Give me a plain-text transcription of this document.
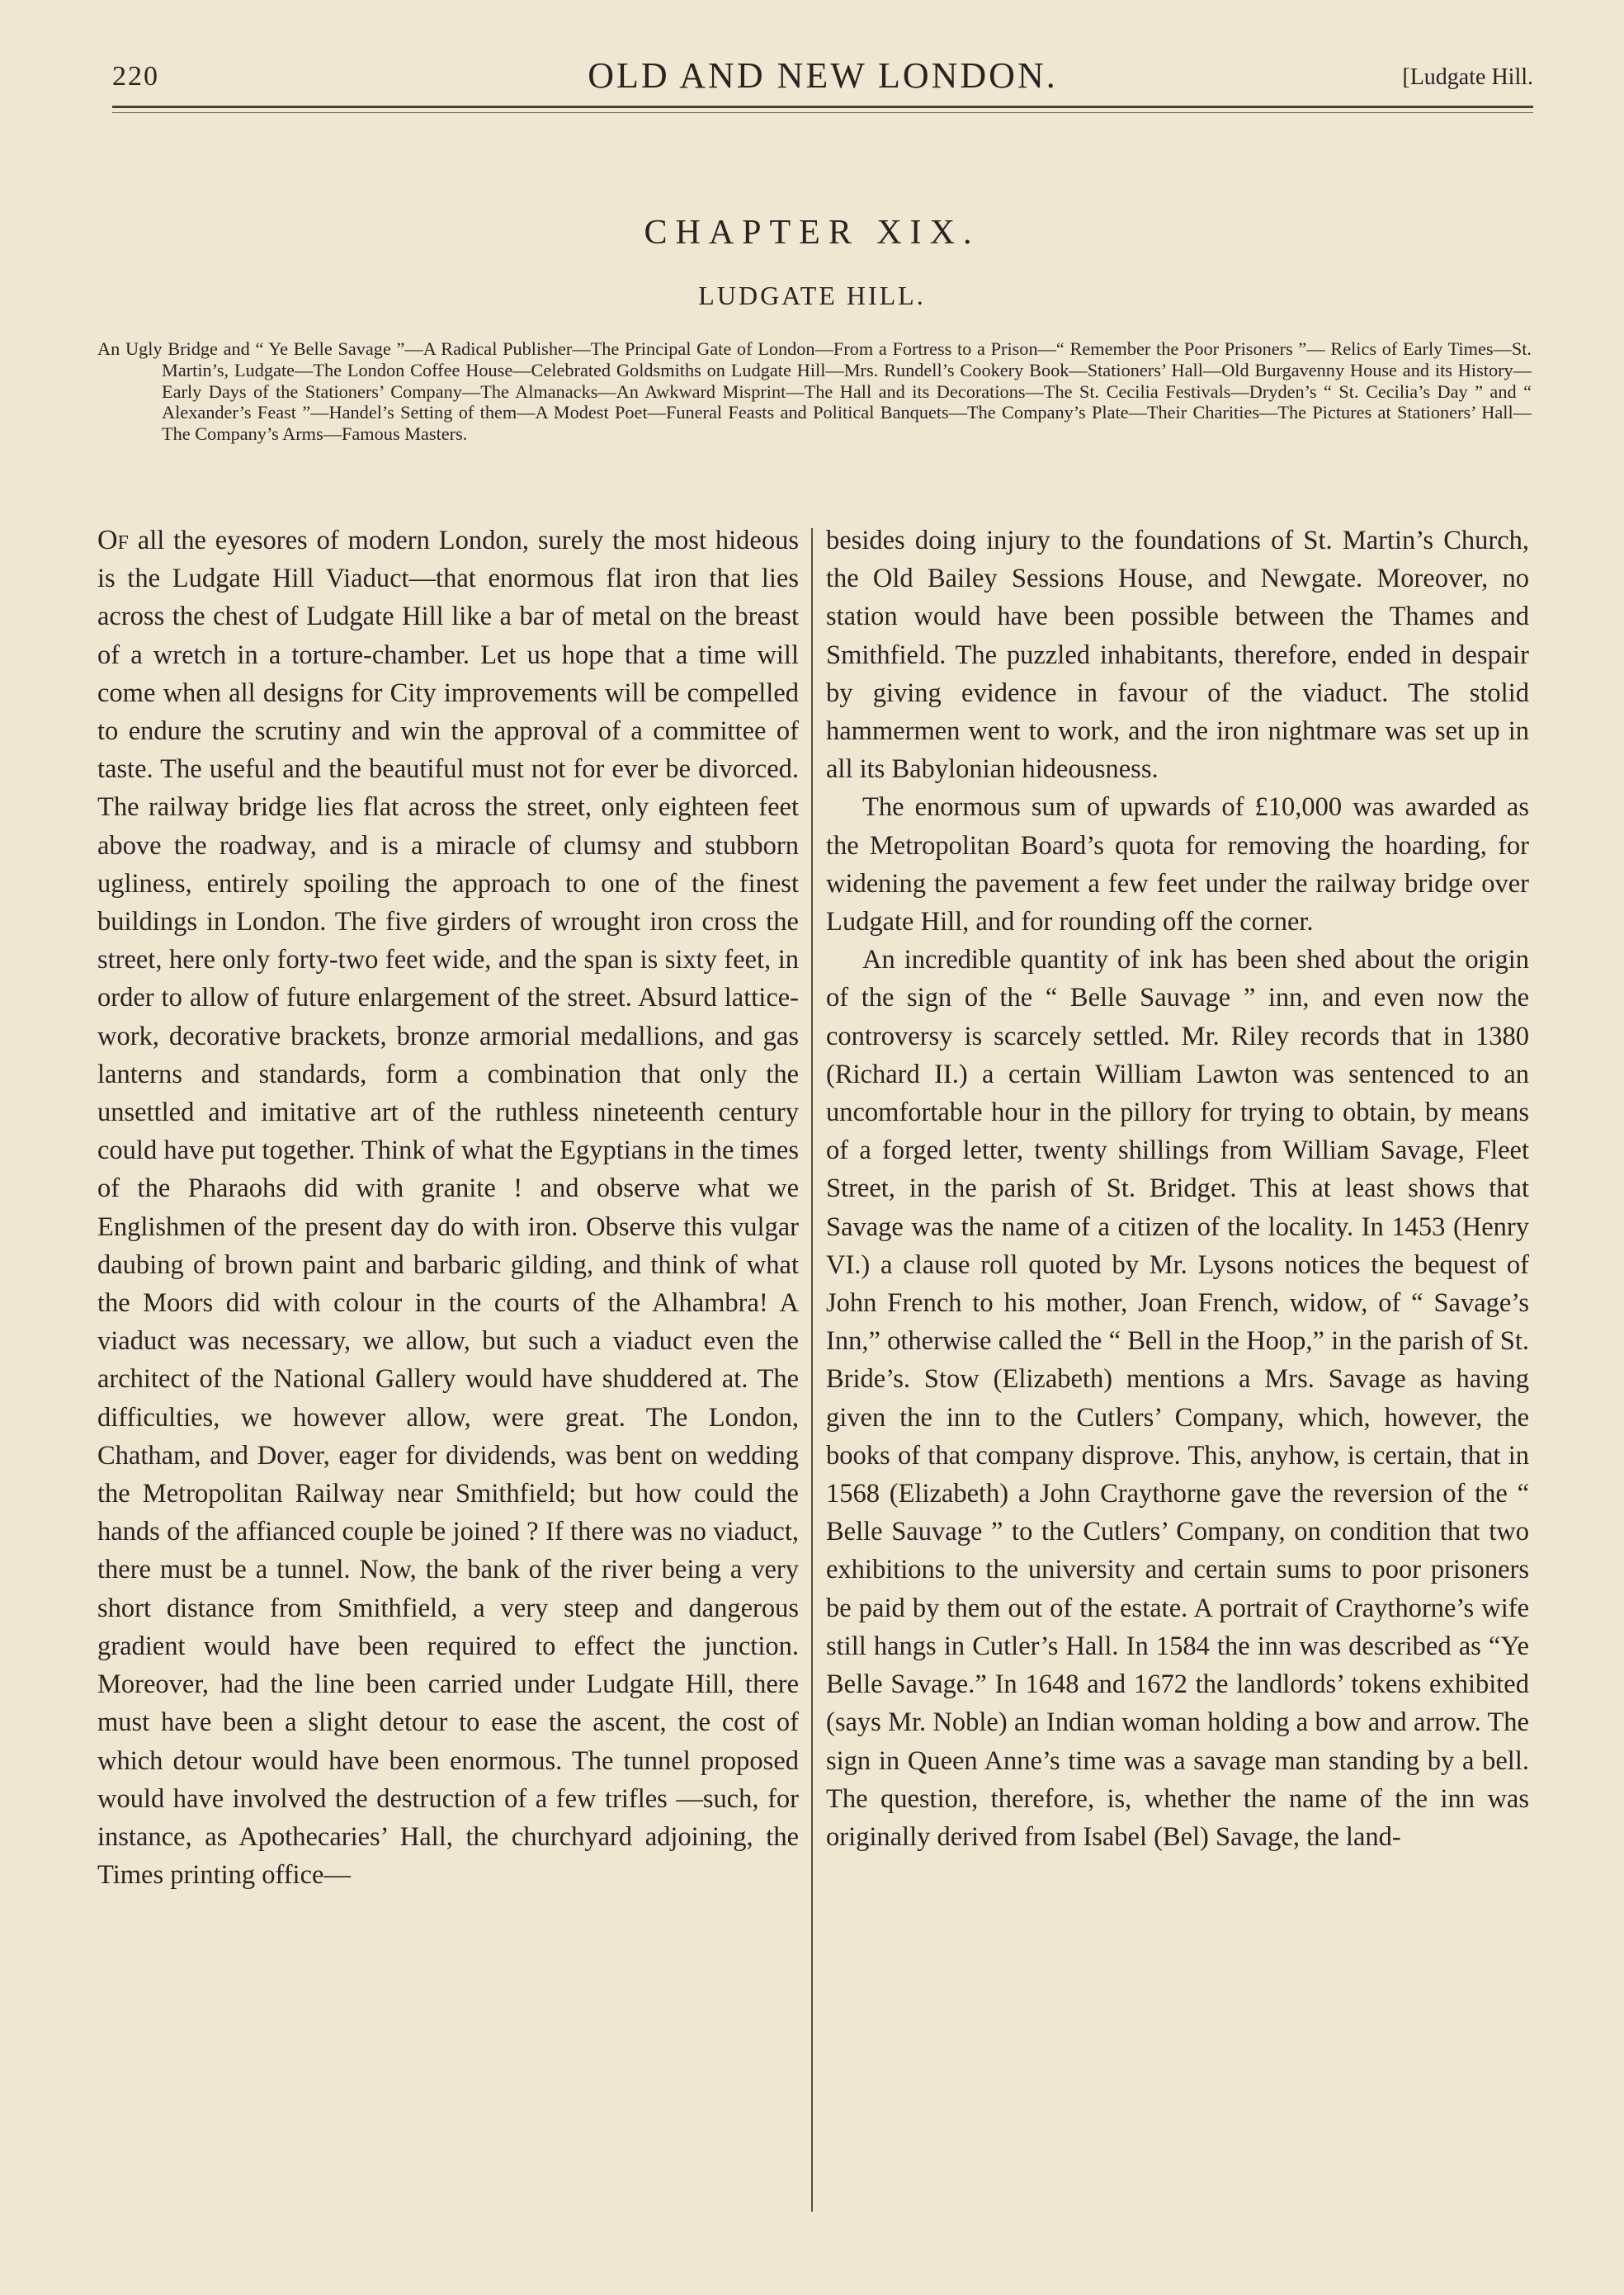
220	OLD AND NEW LONDON.	[Ludgate Hill.
CHAPTER XIX.
LUDGATE HILL.
An Ugly Bridge and “ Ye Belle Savage ”—A Radical Publisher—The Principal Gate of London—From a Fortress to a Prison—“ Remember the Poor Prisoners ”— Relics of Early Times—St. Martin’s, Ludgate—The London Coffee House—Celebrated Goldsmiths on Ludgate Hill—Mrs. Rundell’s Cookery Book—Stationers’ Hall—Old Burgavenny House and its History—Early Days of the Stationers’ Company—The Almanacks—An Awkward Misprint—The Hall and its Decorations—The St. Cecilia Festivals—Dryden’s “ St. Cecilia’s Day ” and “ Alexander’s Feast ”—Handel’s Setting of them—A Modest Poet—Funeral Feasts and Political Banquets—The Company’s Plate—Their Charities—The Pictures at Stationers’ Hall—The Company’s Arms—Famous Masters.

Of all the eyesores of modern London, surely the most hideous is the Ludgate Hill Viaduct—that enormous flat iron that lies across the chest of Ludgate Hill like a bar of metal on the breast of a wretch in a torture-chamber. Let us hope that a time will come when all designs for City improvements will be compelled to endure the scrutiny and win the approval of a committee of taste. The useful and the beautiful must not for ever be divorced. The railway bridge lies flat across the street, only eighteen feet above the roadway, and is a miracle of clumsy and stubborn ugliness, entirely spoiling the approach to one of the finest buildings in London. The five girders of wrought iron cross the street, here only forty-two feet wide, and the span is sixty feet, in order to allow of future enlargement of the street. Absurd lattice-work, decorative brackets, bronze armorial medallions, and gas lanterns and standards, form a combination that only the unsettled and imitative art of the ruthless nineteenth century could have put together. Think of what the Egyptians in the times of the Pharaohs did with granite ! and observe what we Englishmen of the present day do with iron. Observe this vulgar daubing of brown paint and barbaric gilding, and think of what the Moors did with colour in the courts of the Alhambra! A viaduct was necessary, we allow, but such a viaduct even the architect of the National Gallery would have shuddered at. The difficulties, we however allow, were great. The London, Chatham, and Dover, eager for dividends, was bent on wedding the Metropolitan Railway near Smithfield; but how could the hands of the affianced couple be joined ? If there was no viaduct, there must be a tunnel. Now, the bank of the river being a very short distance from Smithfield, a very steep and dangerous gradient would have been required to effect the junction. Moreover, had the line been carried under Ludgate Hill, there must have been a slight detour to ease the ascent, the cost of which detour would have been enormous. The tunnel proposed would have involved the destruction of a few trifles —such, for instance, as Apothecaries’ Hall, the churchyard adjoining, the Times printing office—

besides doing injury to the foundations of St. Martin’s Church, the Old Bailey Sessions House, and Newgate. Moreover, no station would have been possible between the Thames and Smithfield. The puzzled inhabitants, therefore, ended in despair by giving evidence in favour of the viaduct. The stolid hammermen went to work, and the iron nightmare was set up in all its Babylonian hideousness.

The enormous sum of upwards of £10,000 was awarded as the Metropolitan Board’s quota for removing the hoarding, for widening the pavement a few feet under the railway bridge over Ludgate Hill, and for rounding off the corner.

An incredible quantity of ink has been shed about the origin of the sign of the “ Belle Sauvage ” inn, and even now the controversy is scarcely settled. Mr. Riley records that in 1380 (Richard II.) a certain William Lawton was sentenced to an uncomfortable hour in the pillory for trying to obtain, by means of a forged letter, twenty shillings from William Savage, Fleet Street, in the parish of St. Bridget. This at least shows that Savage was the name of a citizen of the locality. In 1453 (Henry VI.) a clause roll quoted by Mr. Lysons notices the bequest of John French to his mother, Joan French, widow, of “ Savage’s Inn,” otherwise called the “ Bell in the Hoop,” in the parish of St. Bride’s. Stow (Elizabeth) mentions a Mrs. Savage as having given the inn to the Cutlers’ Company, which, however, the books of that company disprove. This, anyhow, is certain, that in 1568 (Elizabeth) a John Craythorne gave the reversion of the “ Belle Sauvage ” to the Cutlers’ Company, on condition that two exhibitions to the university and certain sums to poor prisoners be paid by them out of the estate. A portrait of Craythorne’s wife still hangs in Cutler’s Hall. In 1584 the inn was described as “Ye Belle Savage.” In 1648 and 1672 the landlords’ tokens exhibited (says Mr. Noble) an Indian woman holding a bow and arrow. The sign in Queen Anne’s time was a savage man standing by a bell. The question, therefore, is, whether the name of the inn was originally derived from Isabel (Bel) Savage, the land-
